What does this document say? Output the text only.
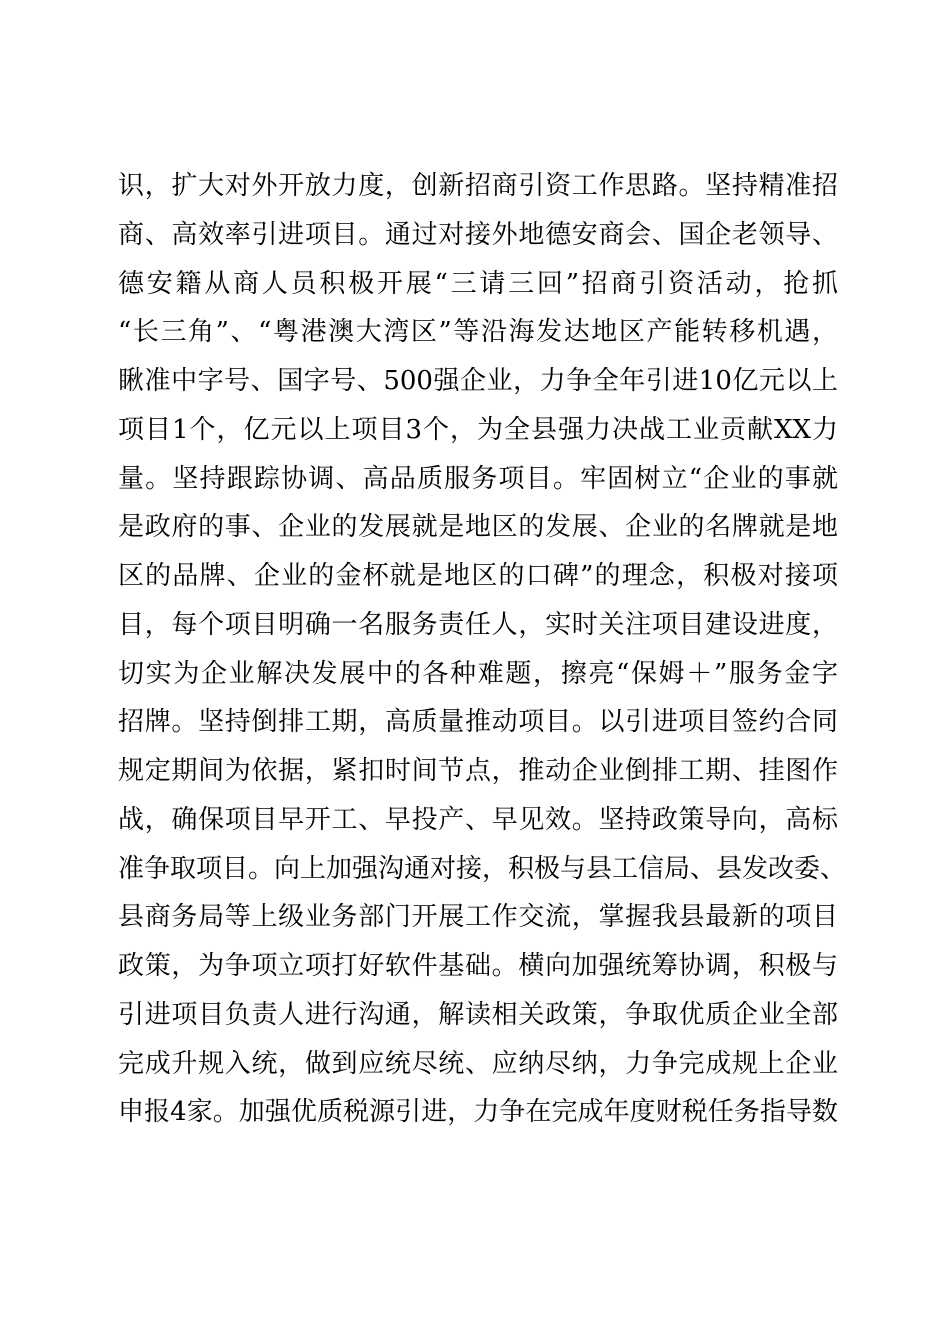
识，扩大对外开放力度，创新招商引资工作思路。坚持精准招
商、高效率引进项目。通过对接外地德安商会、国企老领导、
德安籍从商人员积极开展“三请三回”招商引资活动，抢抓
“长三角”、“粤港澳大湾区”等沿海发达地区产能转移机遇，
瞅准中字号、国字号、500强企业，力争全年引进10亿元以上
项目1个，亿元以上项目3个，为全县强力决战工业贡献XX力
量。坚持跟踪协调、高品质服务项目。牢固树立“企业的事就
是政府的事、企业的发展就是地区的发展、企业的名牌就是地
区的品牌、企业的金杯就是地区的口碑”的理念，积极对接项
目，每个项目明确一名服务责任人，实时关注项目建设进度，
切实为企业解决发展中的各种难题，擦亮“保姆＋”服务金字
招牌。坚持倒排工期，高质量推动项目。以引进项目签约合同
规定期间为依据，紧扣时间节点，推动企业倒排工期、挂图作
战，确保项目早开工、早投产、早见效。坚持政策导向，高标
准争取项目。向上加强沟通对接，积极与县工信局、县发改委、
县商务局等上级业务部门开展工作交流，掌握我县最新的项目
政策，为争项立项打好软件基础。横向加强统筹协调，积极与
引进项目负责人进行沟通，解读相关政策，争取优质企业全部
完成升规入统，做到应统尽统、应纳尽纳，力争完成规上企业
申报4家。加强优质税源引进，力争在完成年度财税任务指导数
